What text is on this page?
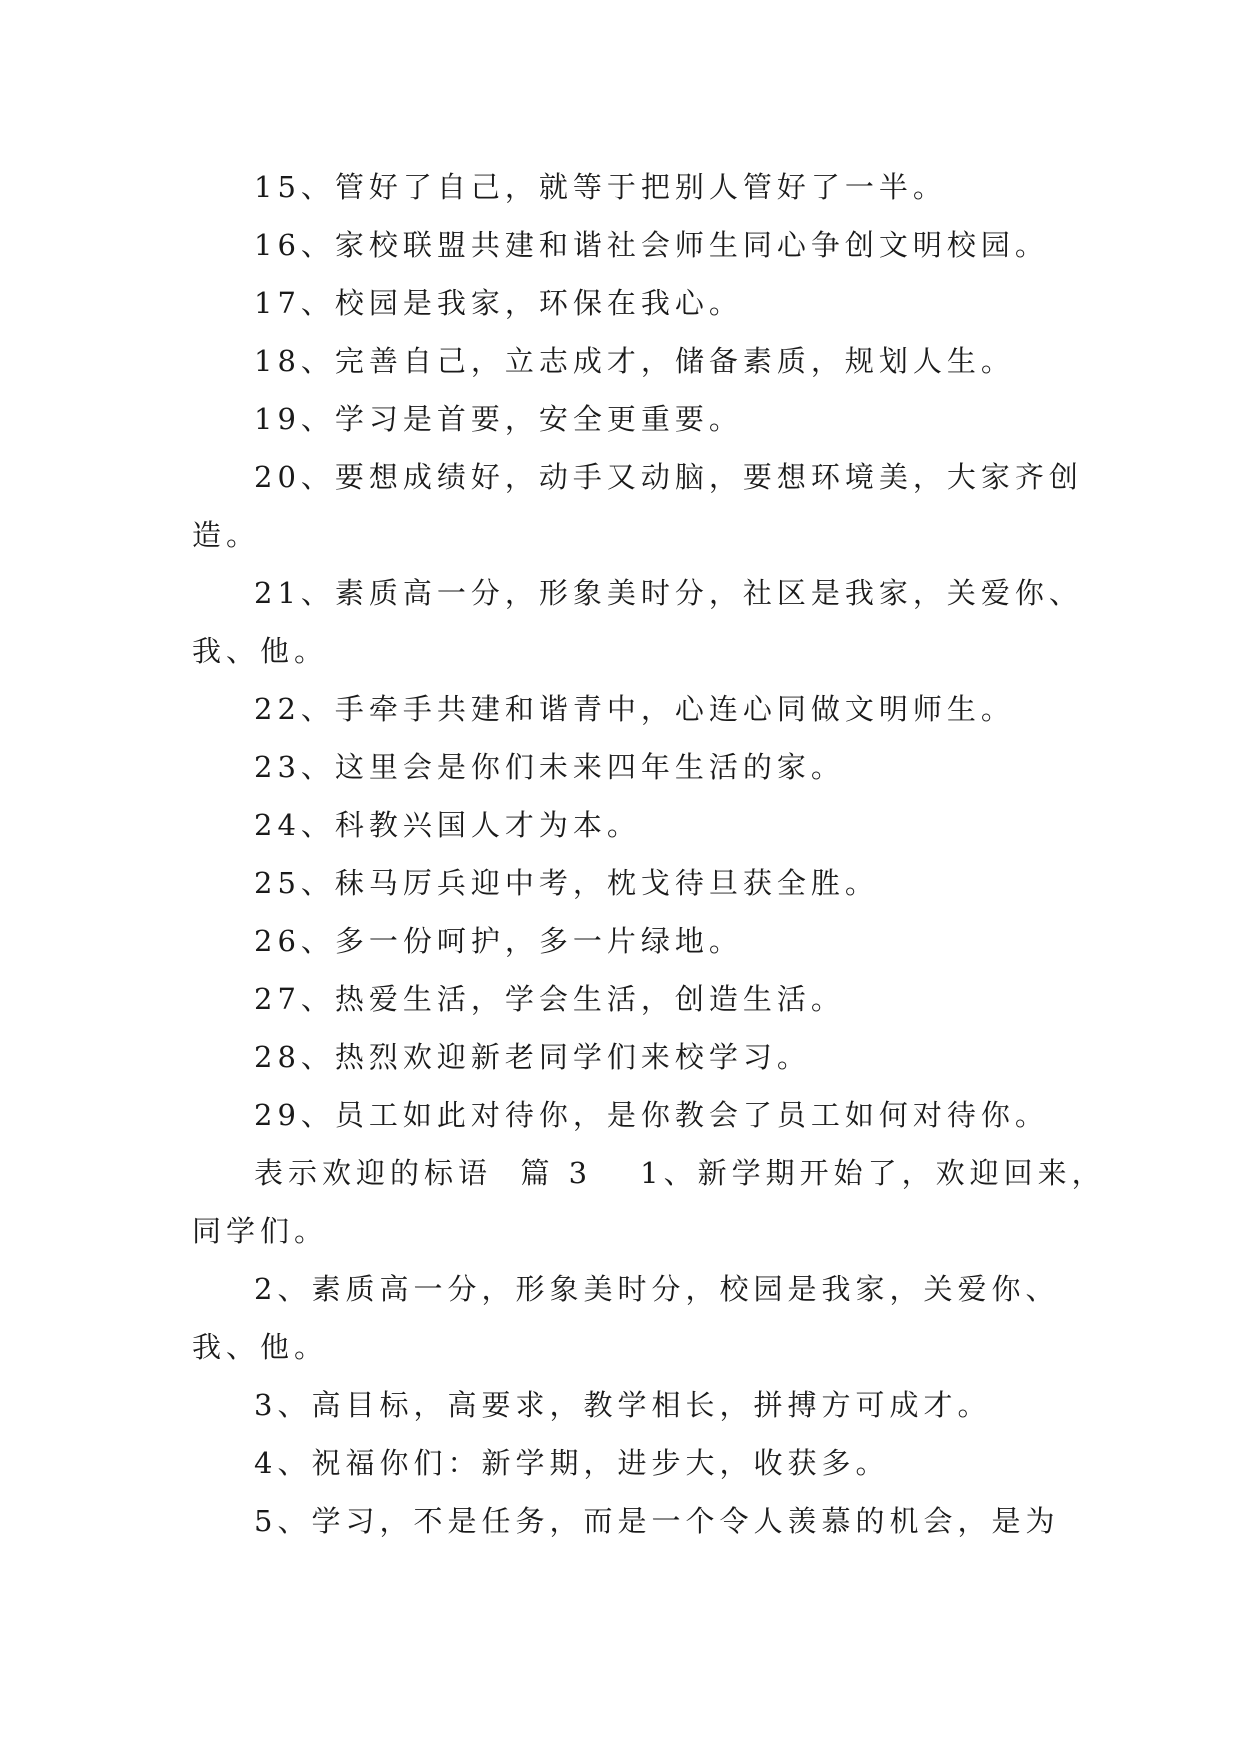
15、管好了自己，就等于把别人管好了一半。

16、家校联盟共建和谐社会师生同心争创文明校园。

17、校园是我家，环保在我心。

18、完善自己，立志成才，储备素质，规划人生。

19、学习是首要，安全更重要。

20、要想成绩好，动手又动脑，要想环境美，大家齐创

造。

21、素质高一分，形象美时分，社区是我家，关爱你、

我、他。

22、手牵手共建和谐青中，心连心同做文明师生。

23、这里会是你们未来四年生活的家。

24、科教兴国人才为本。

25、秣马厉兵迎中考，枕戈待旦获全胜。

26、多一份呵护，多一片绿地。

27、热爱生活，学会生活，创造生活。

28、热烈欢迎新老同学们来校学习。

29、员工如此对待你，是你教会了员工如何对待你。

表示欢迎的标语 篇 3 1、新学期开始了，欢迎回来，

同学们。

2、素质高一分，形象美时分，校园是我家，关爱你、

我、他。

3、高目标，高要求，教学相长，拼搏方可成才。

4、祝福你们：新学期，进步大，收获多。

5、学习，不是任务，而是一个令人羡慕的机会，是为
